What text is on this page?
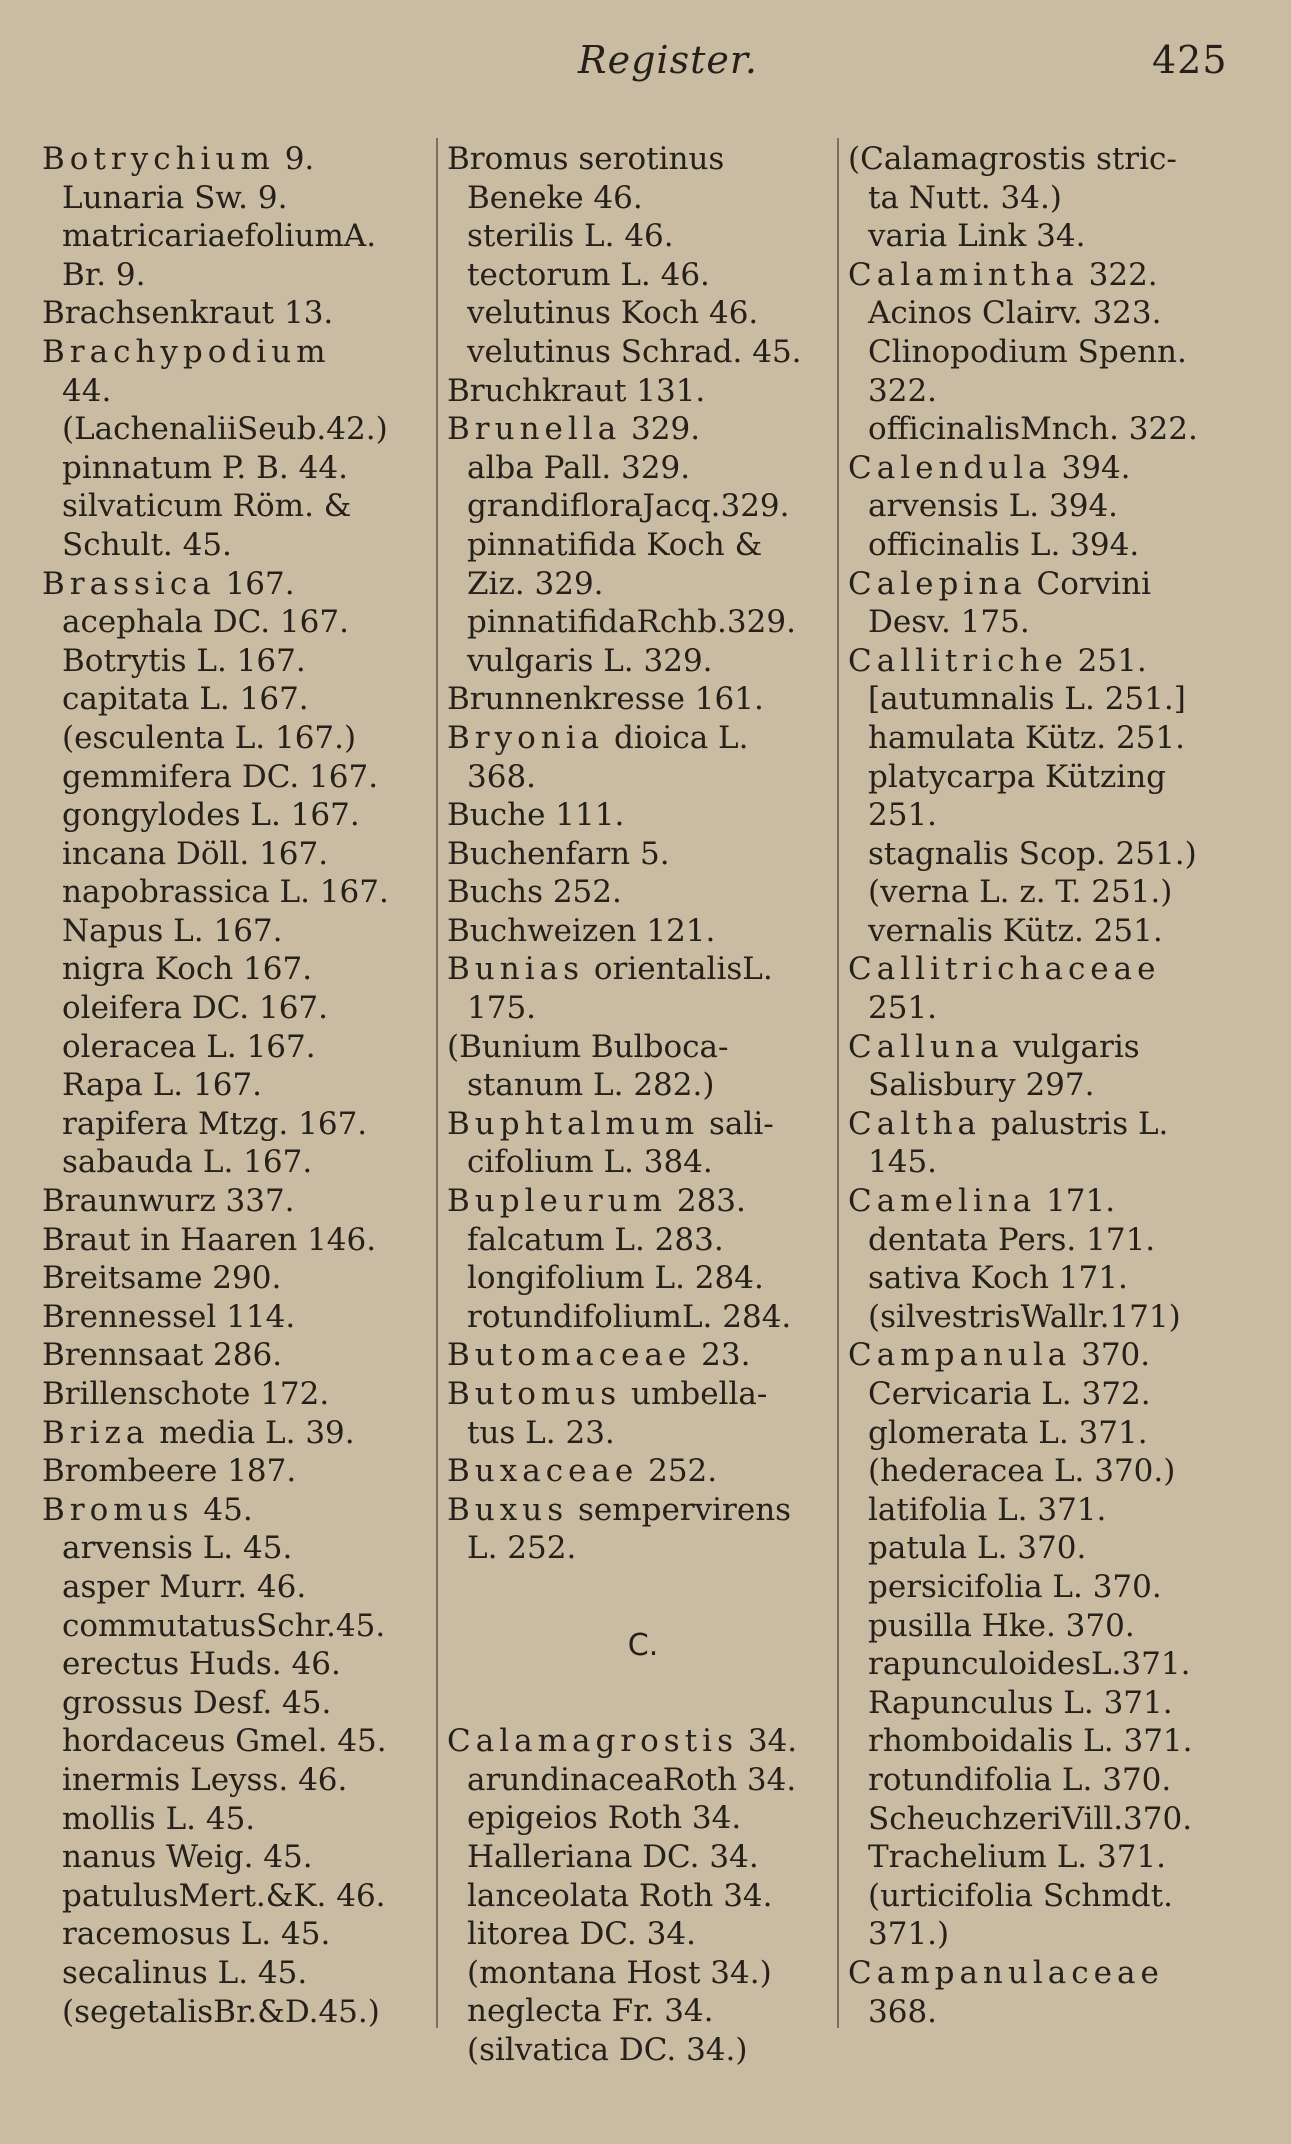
Register.	425
Botrychium 9.
Lunaria Sw. 9.
matricariaefoliumA.
Br. 9.
Brachsenkraut 13.
Brachypodium
44.
(LachenaliiSeub.42.)
pinnatum P. B. 44.
silvaticum Röm. &
Schult. 45.
Brassica 167.
acephala DC. 167.
Botrytis L. 167.
capitata L. 167.
(esculenta L. 167.)
gemmifera DC. 167.
gongylodes L. 167.
incana Döll. 167.
napobrassica L. 167.
Napus L. 167.
nigra Koch 167.
oleifera DC. 167.
oleracea L. 167.
Rapa L. 167.
rapifera Mtzg. 167.
sabauda L. 167.
Braunwurz 337.
Braut in Haaren 146.
Breitsame 290.
Brennessel 114.
Brennsaat 286.
Brillenschote 172.
Briza media L. 39.
Brombeere 187.
Bromus 45.
arvensis L. 45.
asper Murr. 46.
commutatusSchr.45.
erectus Huds. 46.
grossus Desf. 45.
hordaceus Gmel. 45.
inermis Leyss. 46.
mollis L. 45.
nanus Weig. 45.
patulusMert.&K. 46.
racemosus L. 45.
secalinus L. 45.
(segetalisBr.&D.45.)
Bromus serotinus
Beneke 46.
sterilis L. 46.
tectorum L. 46.
velutinus Koch 46.
velutinus Schrad. 45.
Bruchkraut 131.
Brunella 329.
alba Pall. 329.
grandifloraJacq.329.
pinnatifida Koch &
Ziz. 329.
pinnatifidaRchb.329.
vulgaris L. 329.
Brunnenkresse 161.
Bryonia dioica L.
368.
Buche 111.
Buchenfarn 5.
Buchs 252.
Buchweizen 121.
Bunias orientalisL.
175.
(Bunium Bulboca-
stanum L. 282.)
Buphtalmum sali-
cifolium L. 384.
Bupleurum 283.
falcatum L. 283.
longifolium L. 284.
rotundifoliumL. 284.
Butomaceae 23.
Butomus umbella-
tus L. 23.
Buxaceae 252.
Buxus sempervirens
L. 252.
C.
Calamagrostis 34.
arundinaceaRoth 34.
epigeios Roth 34.
Halleriana DC. 34.
lanceolata Roth 34.
litorea DC. 34.
(montana Host 34.)
neglecta Fr. 34.
(silvatica DC. 34.)
(Calamagrostis stric-
ta Nutt. 34.)
varia Link 34.
Calamintha 322.
Acinos Clairv. 323.
Clinopodium Spenn.
322.
officinalisMnch. 322.
Calendula 394.
arvensis L. 394.
officinalis L. 394.
Calepina Corvini
Desv. 175.
Callitriche 251.
[autumnalis L. 251.]
hamulata Kütz. 251.
platycarpa Kützing
251.
stagnalis Scop. 251.)
(verna L. z. T. 251.)
vernalis Kütz. 251.
Callitrichaceae
251.
Calluna vulgaris
Salisbury 297.
Caltha palustris L.
145.
Camelina 171.
dentata Pers. 171.
sativa Koch 171.
(silvestrisWallr.171)
Campanula 370.
Cervicaria L. 372.
glomerata L. 371.
(hederacea L. 370.)
latifolia L. 371.
patula L. 370.
persicifolia L. 370.
pusilla Hke. 370.
rapunculoidesL.371.
Rapunculus L. 371.
rhomboidalis L. 371.
rotundifolia L. 370.
ScheuchzeriVill.370.
Trachelium L. 371.
(urticifolia Schmdt.
371.)
Campanulaceae
368.
